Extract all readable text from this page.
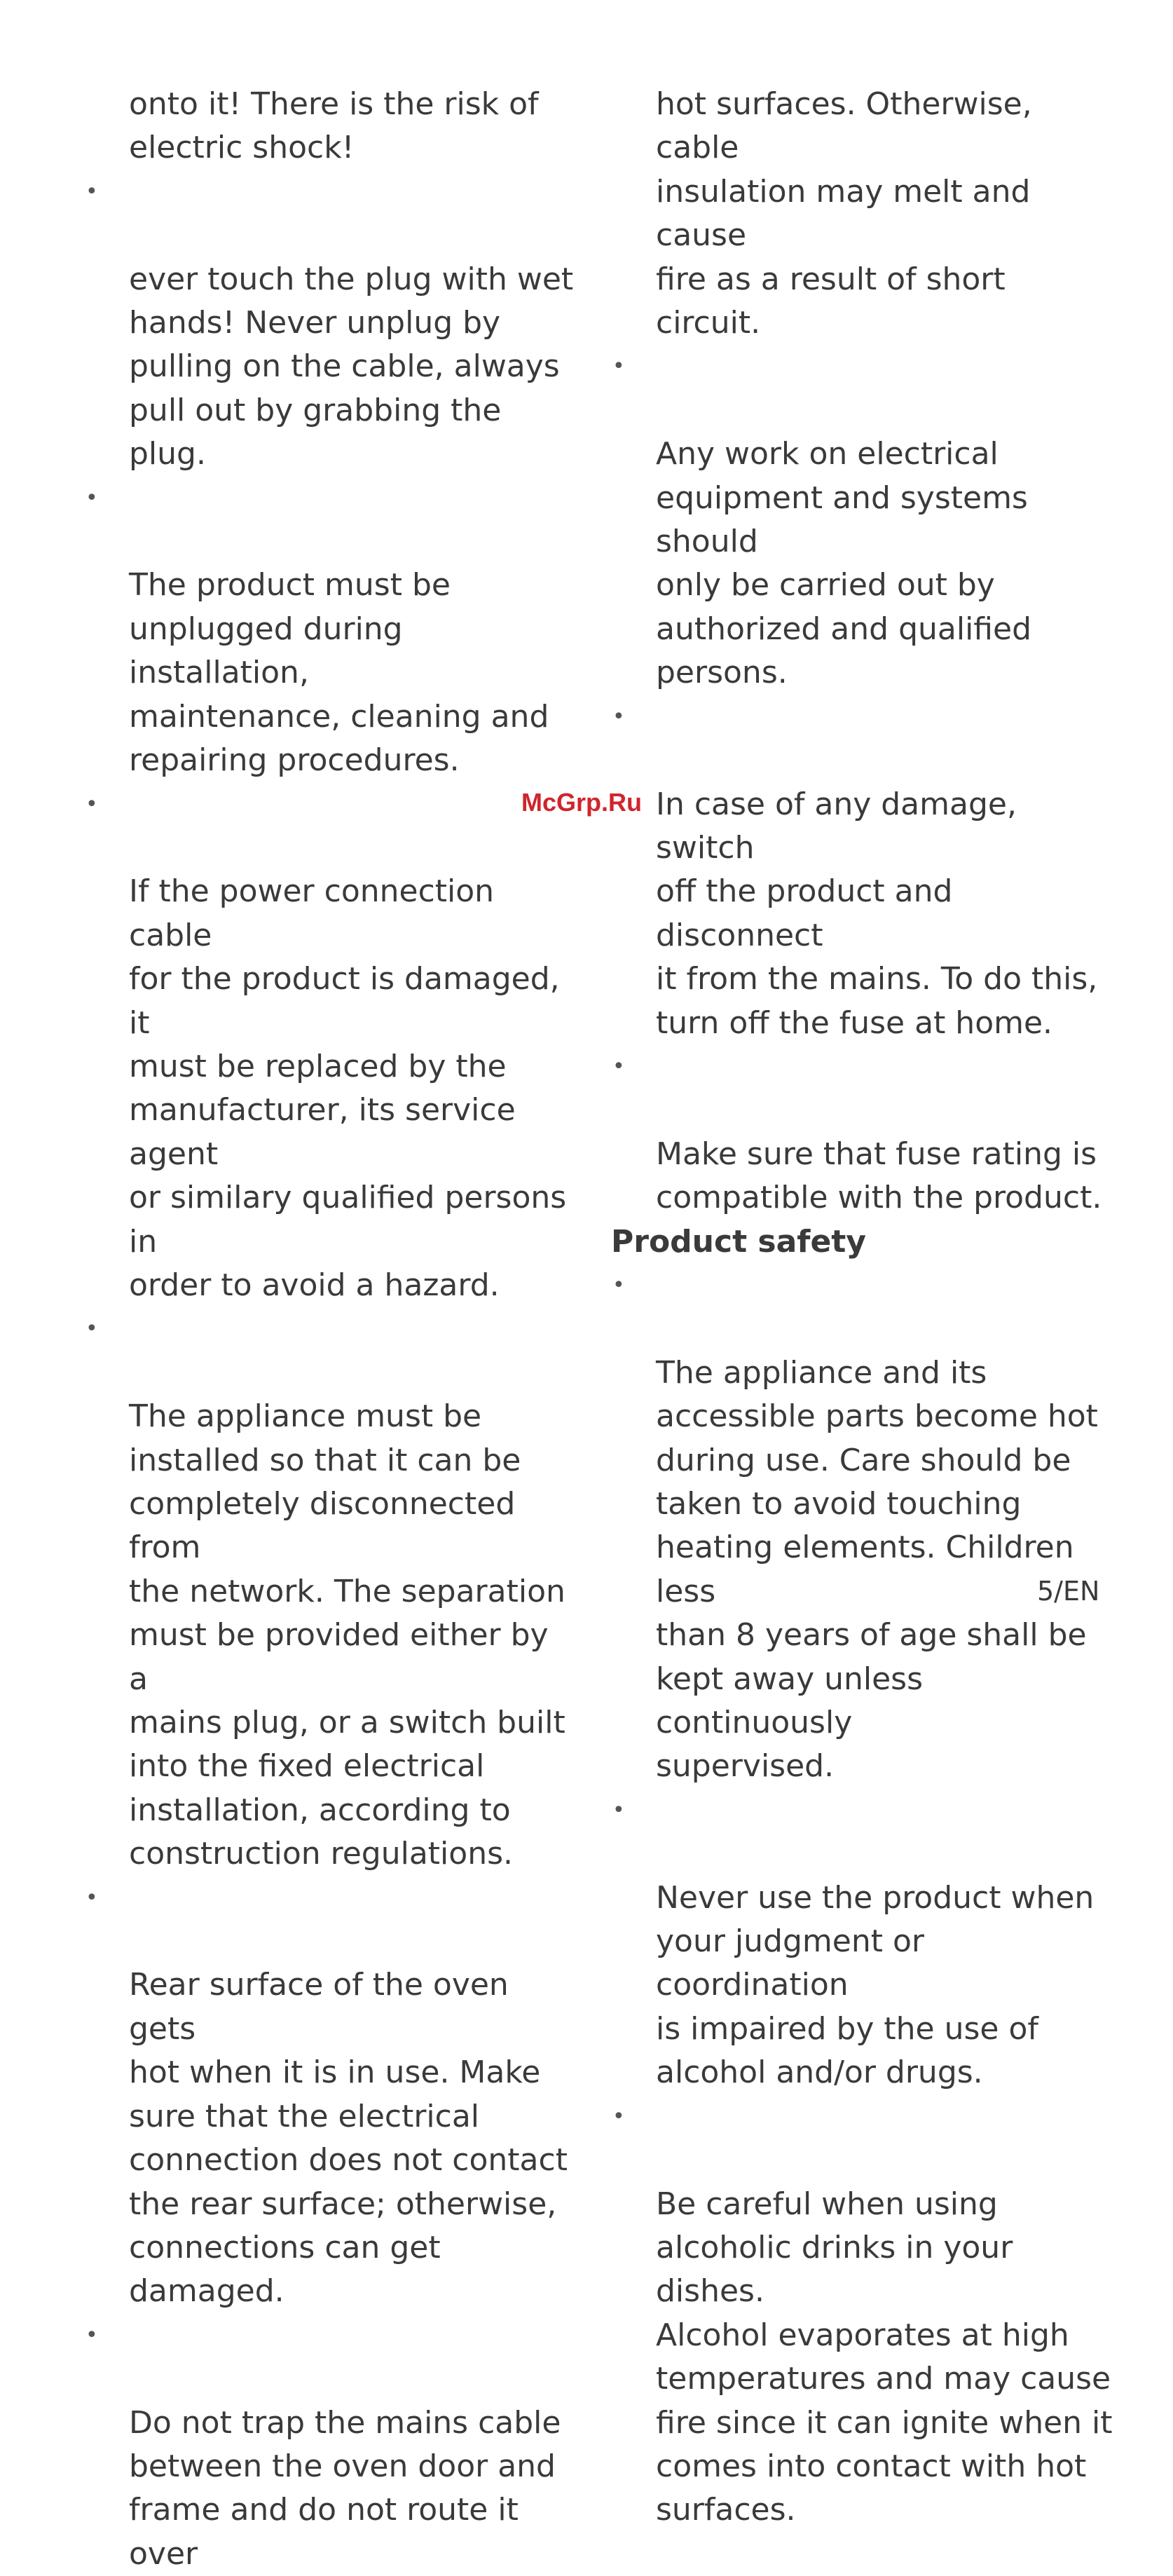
onto it! There is the risk of
electric shock!

•

ever touch the plug with wet
hands! Never unplug by
pulling on the cable, always
pull out by grabbing the plug.

•

The product must be
unplugged during installation,
maintenance, cleaning and
repairing procedures.

•

If the power connection cable
for the product is damaged, it
must be replaced by the
manufacturer, its service agent
or similary qualified persons in
order to avoid a hazard.

•

The appliance must be
installed so that it can be
completely disconnected from
the network. The separation
must be provided either by a
mains plug, or a switch built
into the fixed electrical
installation, according to
construction regulations.

•

Rear surface of the oven gets
hot when it is in use. Make
sure that the electrical
connection does not contact
the rear surface; otherwise,
connections can get damaged.

•

Do not trap the mains cable
between the oven door and
frame and do not route it over

hot surfaces. Otherwise, cable
insulation may melt and cause
fire as a result of short circuit.

•

Any work on electrical
equipment and systems should
only be carried out by
authorized and qualified
persons.

•

In case of any damage, switch
off the product and disconnect
it from the mains. To do this,
turn off the fuse at home.

•

Make sure that fuse rating is
compatible with the product.

Product safety

•

The appliance and its
accessible parts become hot
during use. Care should be
taken to avoid touching
heating elements. Children less
than 8 years of age shall be
kept away unless continuously
supervised.

•

Never use the product when
your judgment or coordination
is impaired by the use of
alcohol and/or drugs.

•

Be careful when using
alcoholic drinks in your dishes.
Alcohol evaporates at high
temperatures and may cause
fire since it can ignite when it
comes into contact with hot
surfaces.

McGrp.Ru
5/EN
